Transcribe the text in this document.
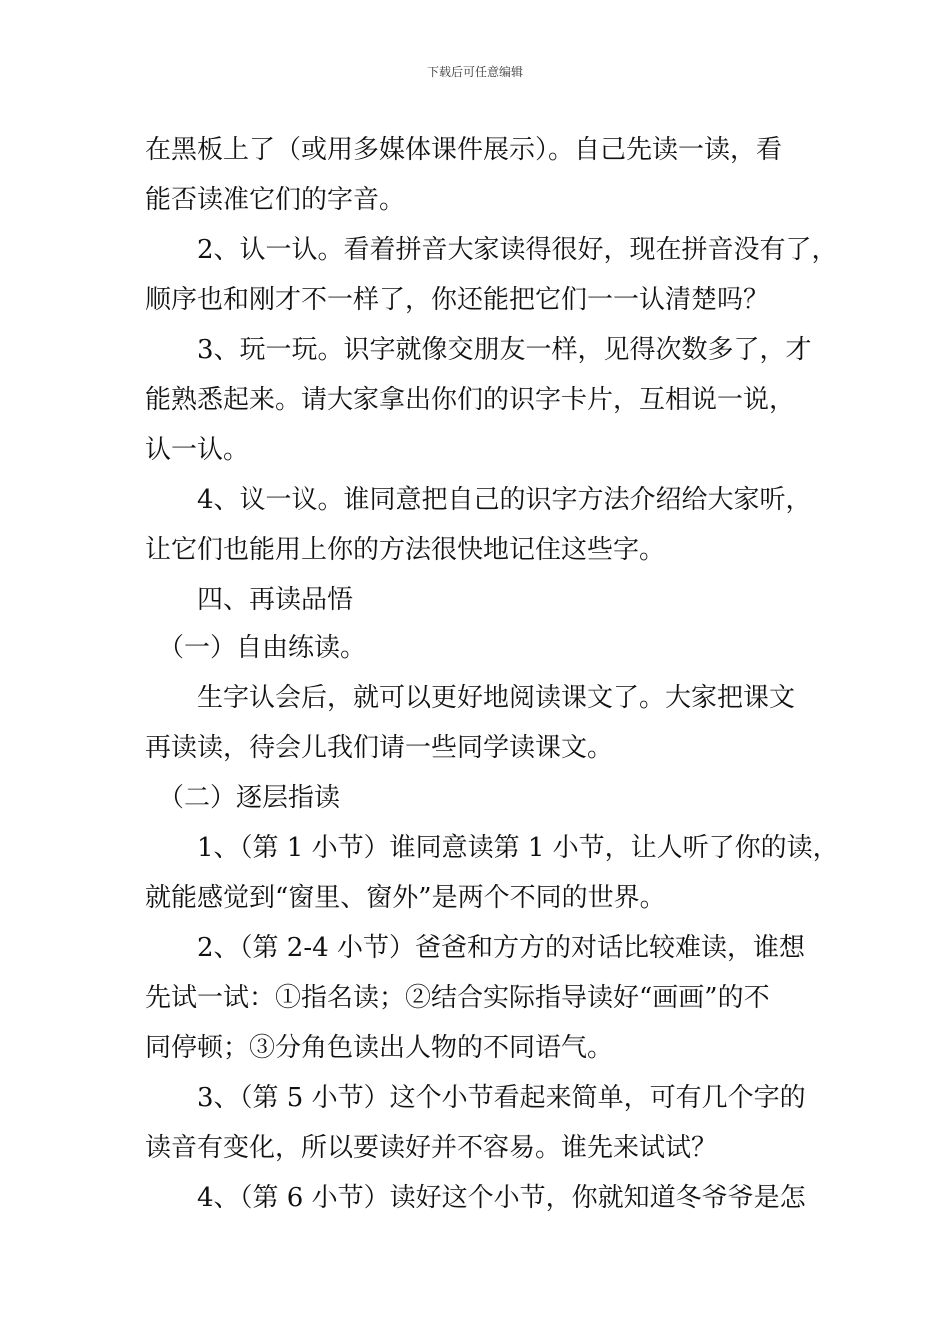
下载后可任意编辑
在黑板上了（或用多媒体课件展示）。自己先读一读，看
能否读准它们的字音。
　　2、认一认。看着拼音大家读得很好，现在拼音没有了，
顺序也和刚才不一样了，你还能把它们一一认清楚吗？
　　3、玩一玩。识字就像交朋友一样，见得次数多了，才
能熟悉起来。请大家拿出你们的识字卡片，互相说一说，
认一认。
　　4、议一议。谁同意把自己的识字方法介绍给大家听，
让它们也能用上你的方法很快地记住这些字。
　　四、再读品悟
　（一）自由练读。
　　生字认会后，就可以更好地阅读课文了。大家把课文
再读读，待会儿我们请一些同学读课文。
　（二）逐层指读
　　1、（第 1 小节）谁同意读第 1 小节，让人听了你的读，
就能感觉到“窗里、窗外”是两个不同的世界。
　　2、（第 2-4 小节）爸爸和方方的对话比较难读，谁想
先试一试：①指名读；②结合实际指导读好“画画”的不
同停顿；③分角色读出人物的不同语气。
　　3、（第 5 小节）这个小节看起来简单，可有几个字的
读音有变化，所以要读好并不容易。谁先来试试？
　　4、（第 6 小节）读好这个小节，你就知道冬爷爷是怎
